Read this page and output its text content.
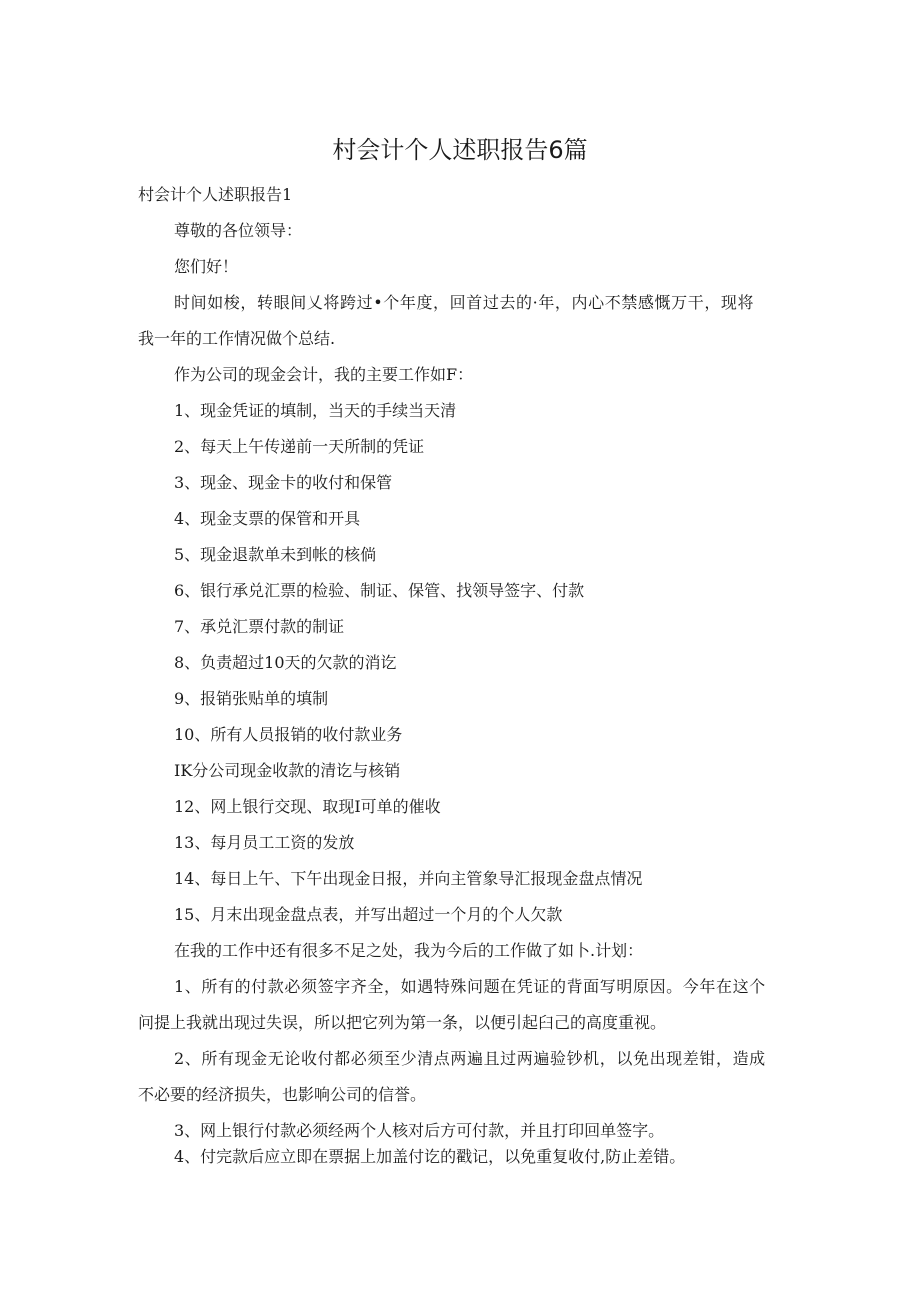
村会计个人述职报告6篇

村会计个人述职报告1

尊敬的各位领导：

您们好！

时间如梭，转眼间乂将跨过•个年度，回首过去的·年，内心不禁感慨万干，现将

我一年的工作情况做个总结.

作为公司的现金会计，我的主要工作如F：

1、现金凭证的填制，当天的手续当天清

2、每天上午传递前一天所制的凭证

3、现金、现金卡的收付和保管

4、现金支票的保管和开具

5、现金退款单未到帐的核倘

6、银行承兑汇票的检验、制证、保管、找领导签字、付款

7、承兑汇票付款的制证

8、负责超过10天的欠款的消讫

9、报销张贴单的填制

10、所有人员报销的收付款业务

IK分公司现金收款的清讫与核销

12、网上银行交现、取现I可单的催收

13、每月员工工资的发放

14、每日上午、下午出现金日报，并向主管象导汇报现金盘点情况

15、月末出现金盘点表，并写出超过一个月的个人欠款

在我的工作中还有很多不足之处，我为今后的工作做了如卜.计划：

1、所有的付款必须签字齐全，如遇特殊问题在凭证的背面写明原因。今年在这个

问提上我就出现过失误，所以把它列为第一条，以便引起臼己的高度重视。

2、所有现金无论收付都必须至少清点两遍且过两遍验钞机，以免出现差钳，造成

不必要的经济损失，也影响公司的信誉。

3、网上银行付款必须经两个人核对后方可付款，并且打印回单签字。

4、付完款后应立即在票据上加盖付讫的戳记，以免重复收付,防止差错。
